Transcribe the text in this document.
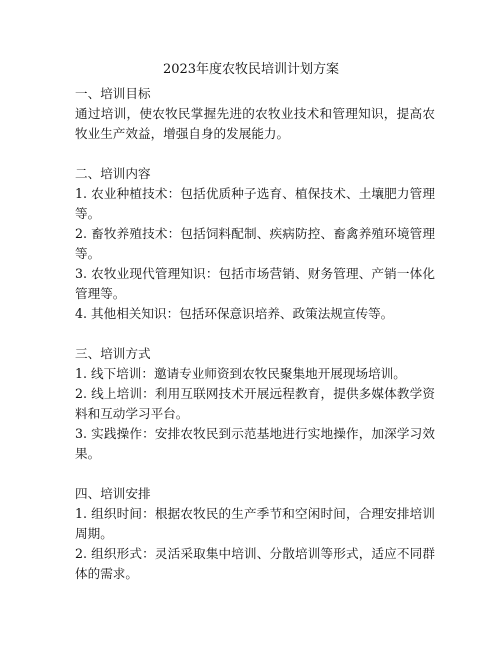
2023年度农牧民培训计划方案

一、培训目标

通过培训，使农牧民掌握先进的农牧业技术和管理知识，提高农牧业生产效益，增强自身的发展能力。

二、培训内容

1. 农业种植技术：包括优质种子选育、植保技术、土壤肥力管理等。

2. 畜牧养殖技术：包括饲料配制、疾病防控、畜禽养殖环境管理等。

3. 农牧业现代管理知识：包括市场营销、财务管理、产销一体化管理等。

4. 其他相关知识：包括环保意识培养、政策法规宣传等。

三、培训方式

1. 线下培训：邀请专业师资到农牧民聚集地开展现场培训。

2. 线上培训：利用互联网技术开展远程教育，提供多媒体教学资料和互动学习平台。

3. 实践操作：安排农牧民到示范基地进行实地操作，加深学习效果。

四、培训安排

1. 组织时间：根据农牧民的生产季节和空闲时间，合理安排培训周期。

2. 组织形式：灵活采取集中培训、分散培训等形式，适应不同群体的需求。
